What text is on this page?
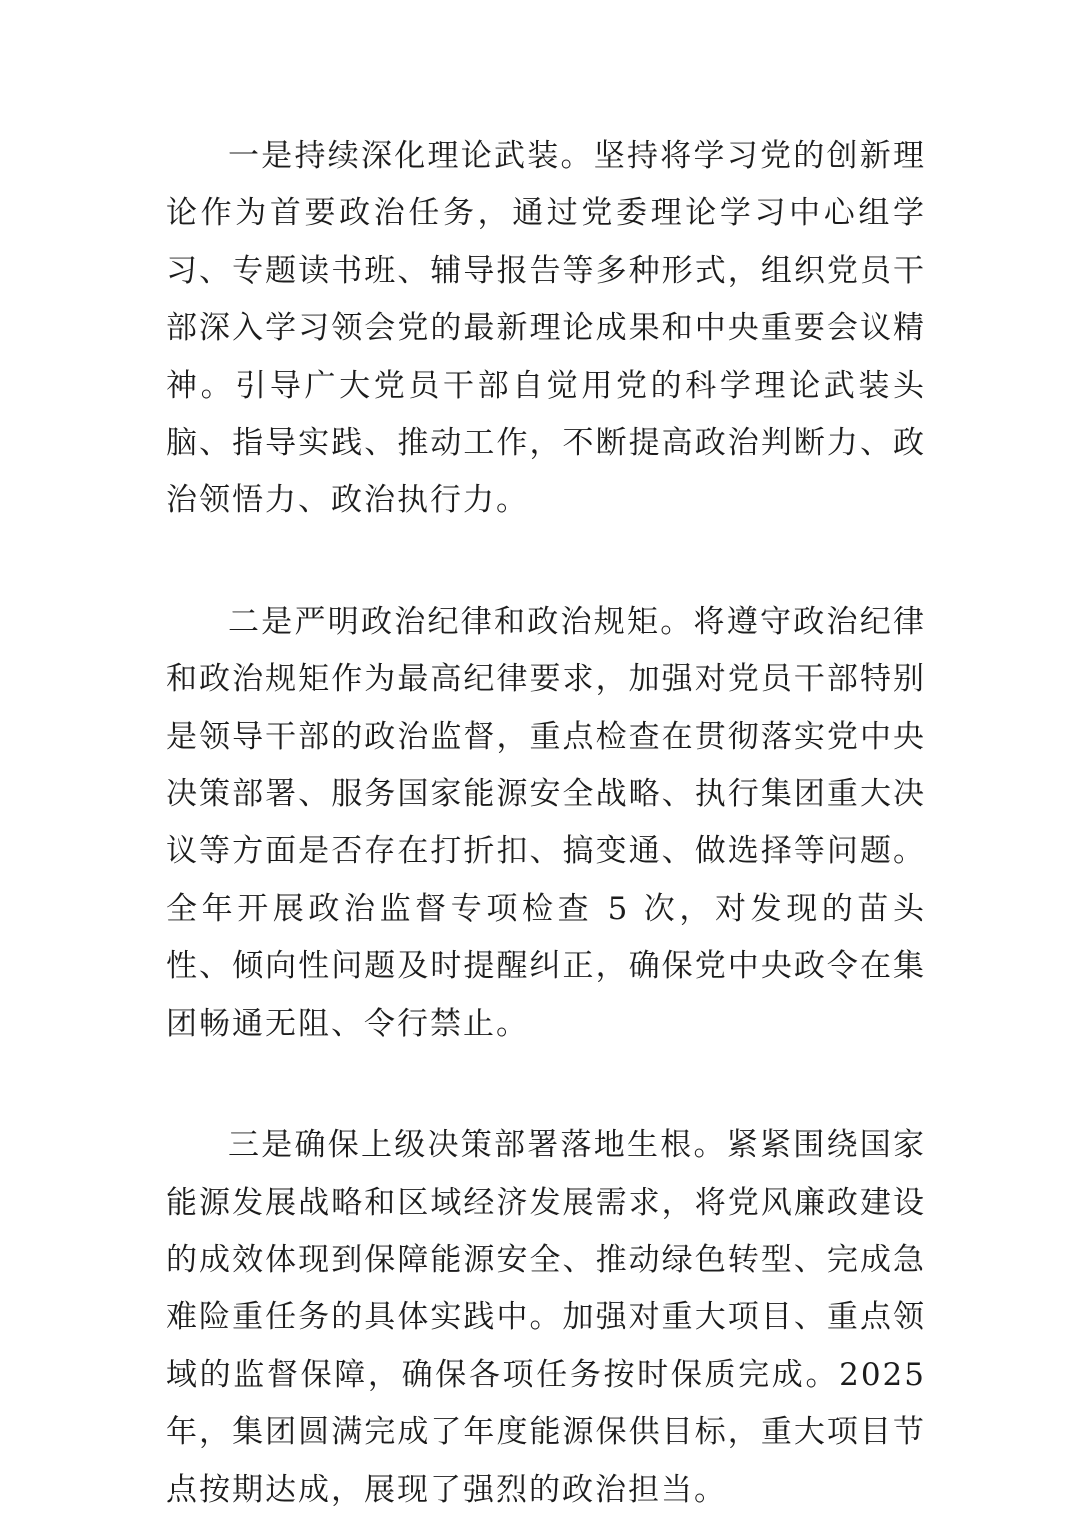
一是持续深化理论武装。坚持将学习党的创新理论作为首要政治任务，通过党委理论学习中心组学习、专题读书班、辅导报告等多种形式，组织党员干部深入学习领会党的最新理论成果和中央重要会议精神。引导广大党员干部自觉用党的科学理论武装头脑、指导实践、推动工作，不断提高政治判断力、政治领悟力、政治执行力。

二是严明政治纪律和政治规矩。将遵守政治纪律和政治规矩作为最高纪律要求，加强对党员干部特别是领导干部的政治监督，重点检查在贯彻落实党中央决策部署、服务国家能源安全战略、执行集团重大决议等方面是否存在打折扣、搞变通、做选择等问题。全年开展政治监督专项检查 5 次，对发现的苗头性、倾向性问题及时提醒纠正，确保党中央政令在集团畅通无阻、令行禁止。

三是确保上级决策部署落地生根。紧紧围绕国家能源发展战略和区域经济发展需求，将党风廉政建设的成效体现到保障能源安全、推动绿色转型、完成急难险重任务的具体实践中。加强对重大项目、重点领域的监督保障，确保各项任务按时保质完成。2025 年，集团圆满完成了年度能源保供目标，重大项目节点按期达成，展现了强烈的政治担当。
